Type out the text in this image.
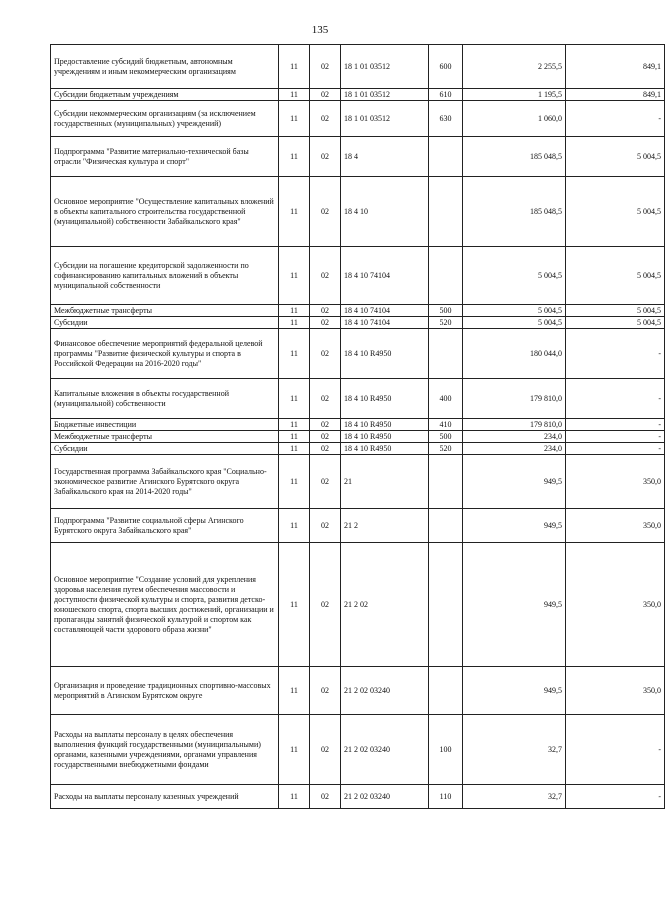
135
Предоставление субсидий бюджетным, автономным учреждениям и иным некоммерческим организациям	11	02	18 1 01 03512	600	2 255,5	849,1
Субсидии бюджетным учреждениям	11	02	18 1 01 03512	610	1 195,5	849,1
Субсидии некоммерческим организациям (за исключением государственных (муниципальных) учреждений)	11	02	18 1 01 03512	630	1 060,0	-
Подпрограмма "Развитие материально-технической базы отрасли "Физическая культура и спорт"	11	02	18 4		185 048,5	5 004,5
Основное мероприятие "Осуществление капитальных вложений в объекты капитального строительства государственной (муниципальной) собственности Забайкальского края"	11	02	18 4 10		185 048,5	5 004,5
Субсидии на погашение кредиторской задолженности по софинансированию капитальных вложений в объекты муниципальной собственности	11	02	18 4 10 74104		5 004,5	5 004,5
Межбюджетные трансферты	11	02	18 4 10 74104	500	5 004,5	5 004,5
Субсидии	11	02	18 4 10 74104	520	5 004,5	5 004,5
Финансовое обеспечение мероприятий федеральной целевой программы "Развитие физической культуры и спорта в Российской Федерации на 2016-2020 годы"	11	02	18 4 10 R4950		180 044,0	-
Капитальные вложения в объекты государственной (муниципальной) собственности	11	02	18 4 10 R4950	400	179 810,0	-
Бюджетные инвестиции	11	02	18 4 10 R4950	410	179 810,0	-
Межбюджетные трансферты	11	02	18 4 10 R4950	500	234,0	-
Субсидии	11	02	18 4 10 R4950	520	234,0	-
Государственная программа Забайкальского края "Социально-экономическое развитие Агинского Бурятского округа Забайкальского края на 2014-2020 годы"	11	02	21		949,5	350,0
Подпрограмма "Развитие социальной сферы Агинского Бурятского округа Забайкальского края"	11	02	21 2		949,5	350,0
Основное мероприятие "Создание условий для укрепления здоровья населения путем обеспечения массовости и доступности физической культуры и спорта, развития детско-юношеского спорта, спорта высших достижений, организации и пропаганды занятий физической культурой и спортом как составляющей части здорового образа жизни"	11	02	21 2 02		949,5	350,0
Организация и проведение традиционных спортивно-массовых мероприятий в Агинском Бурятском округе	11	02	21 2 02 03240		949,5	350,0
Расходы на выплаты персоналу в целях обеспечения выполнения функций государственными (муниципальными) органами, казенными учреждениями, органами управления государственными внебюджетными фондами	11	02	21 2 02 03240	100	32,7	-
Расходы на выплаты персоналу казенных учреждений	11	02	21 2 02 03240	110	32,7	-
